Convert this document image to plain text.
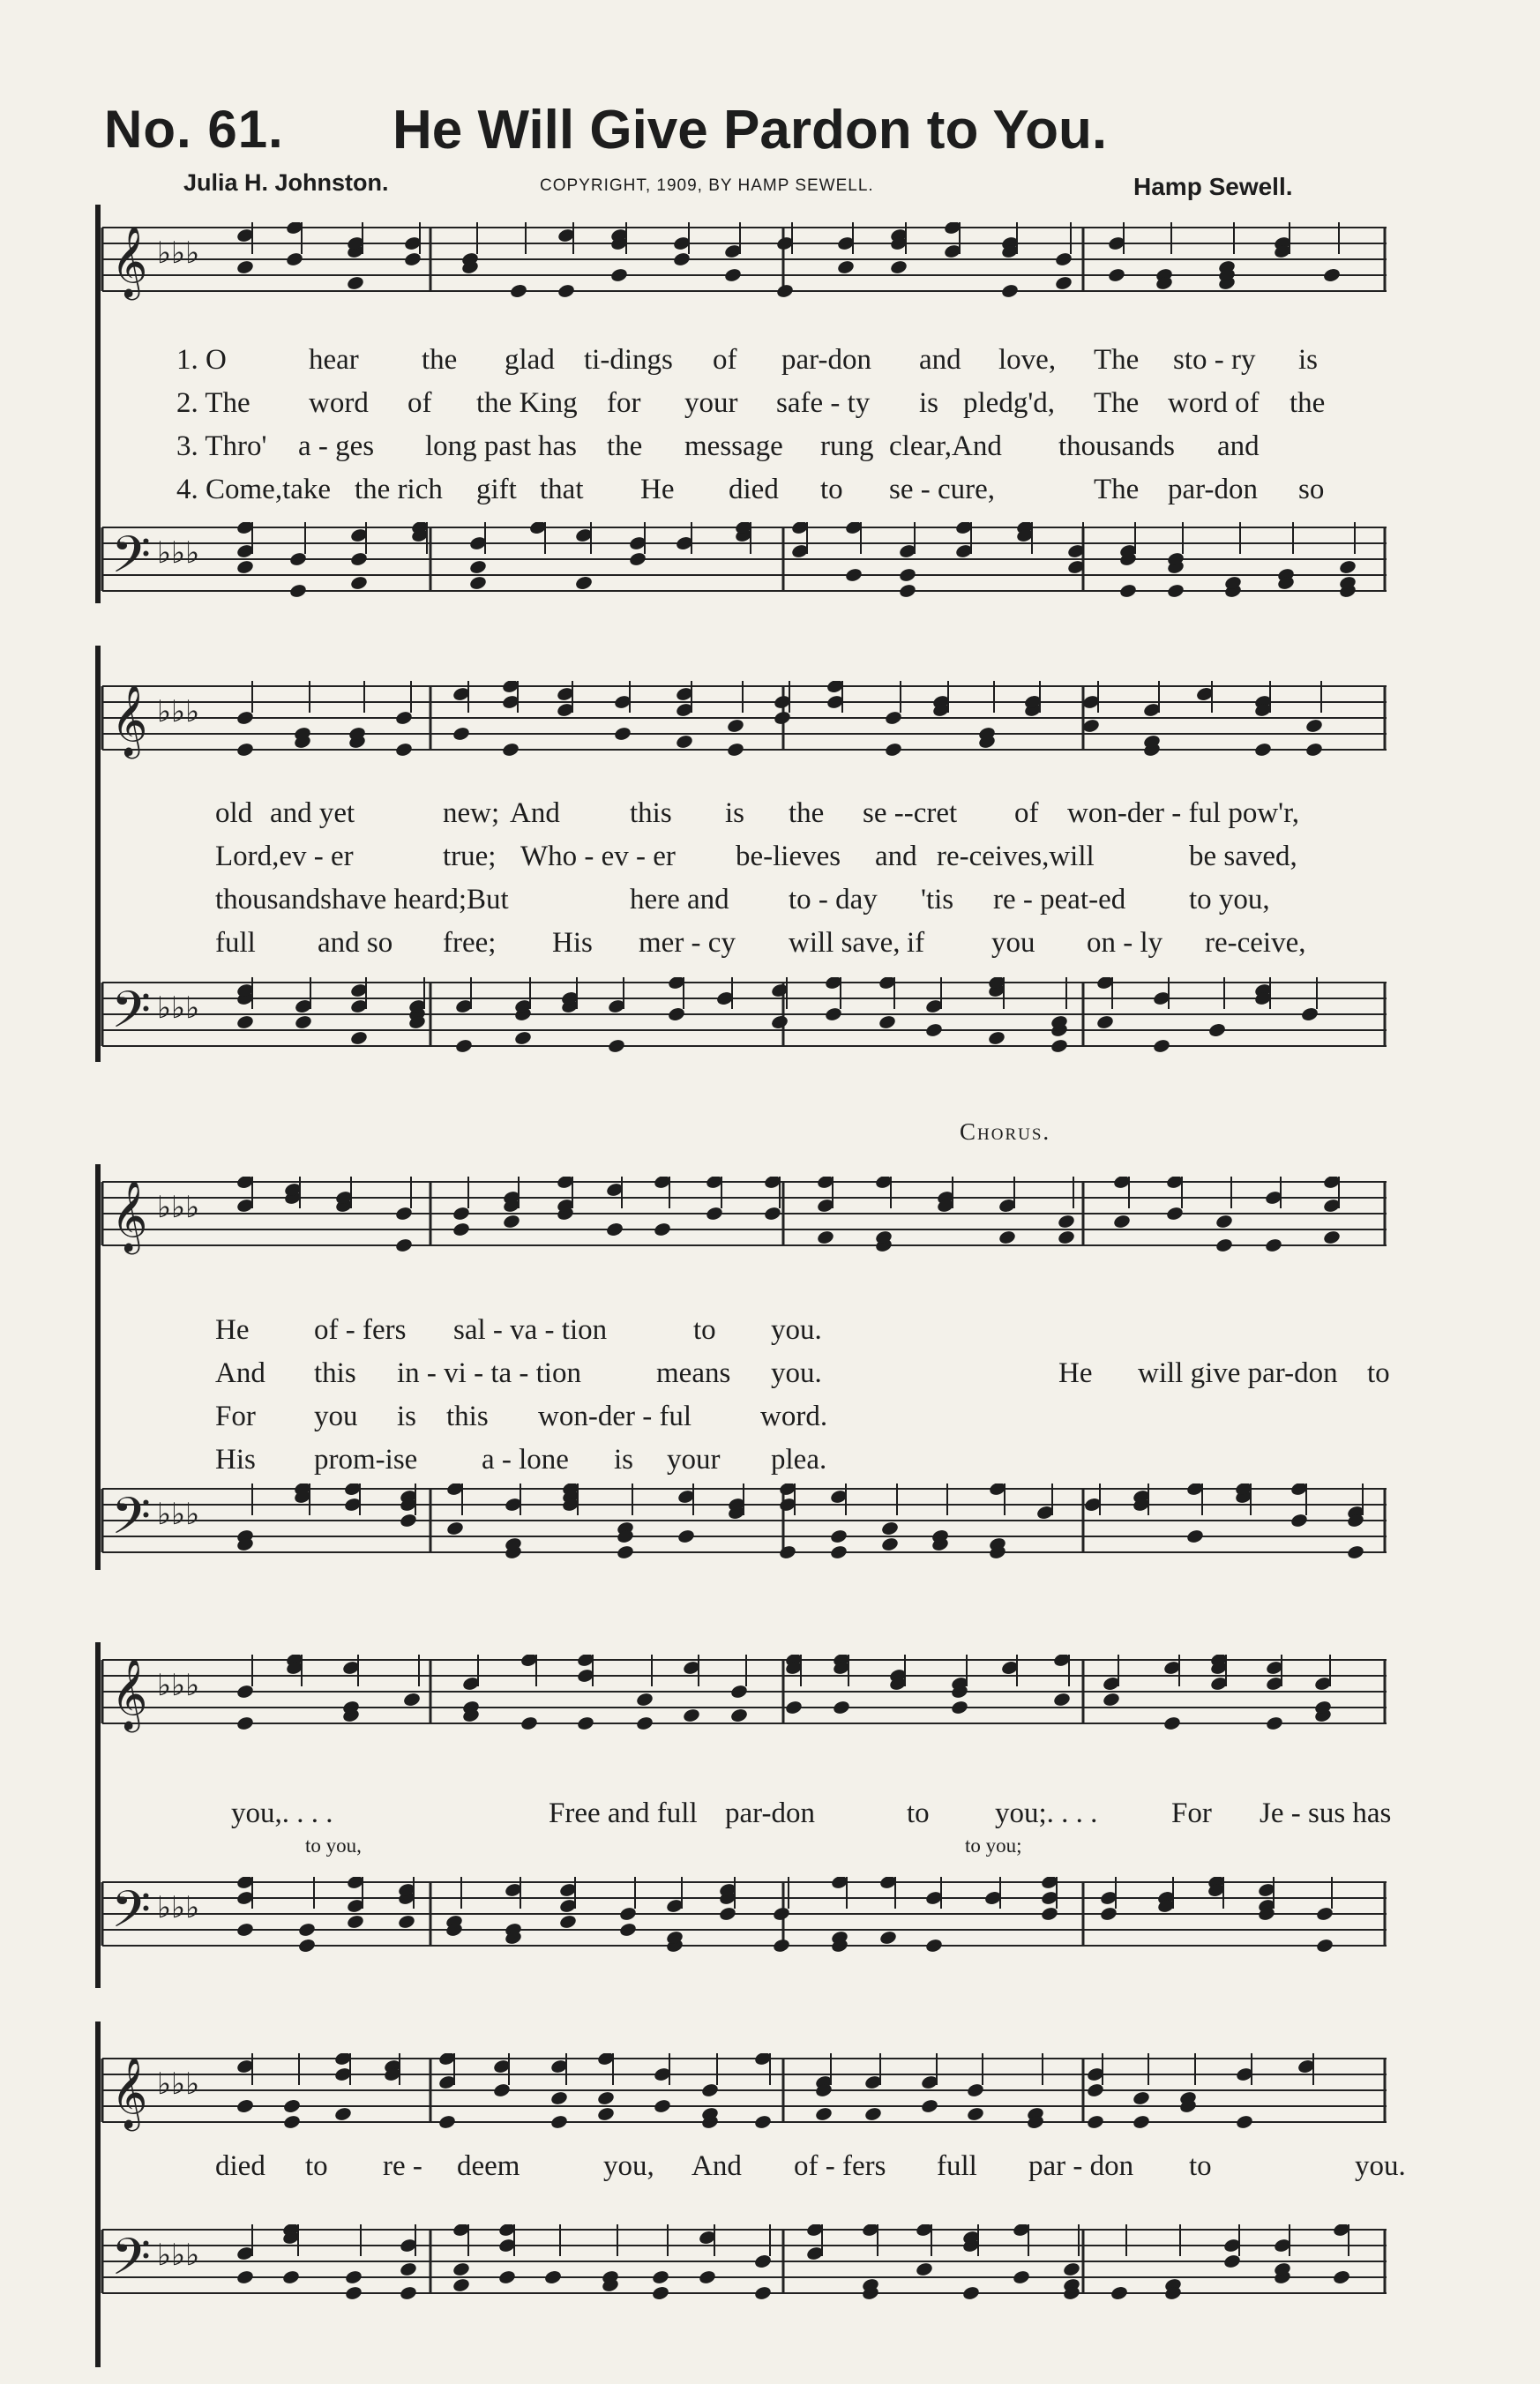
No. 61. He Will Give Pardon to You.
Julia H. Johnston.	COPYRIGHT, 1909, BY HAMP SEWELL.	Hamp Sewell.
𝄞 ♭♭♭
1. O	hear the glad ti-dings of par-don and love, The sto - ry is
2. The word of the King for your safe - ty is pledg'd, The word of the
3. Thro' a - ges long past has the message rung clear,And thousands and
4. Come,take the rich gift that He died to se - cure,	The par-don so
𝄢 ♭♭♭
𝄞 ♭♭♭
old and yet	new; And this is the se --cret of won-der - ful pow'r,
Lord,ev - er	true; Who - ev - er be-lieves and re-ceives,will	be saved,
thousands have heard;But	here and to - day 'tis re - peat-ed to you,
full and so free; His mer - cy will save, if you on - ly re-ceive,
𝄢 ♭♭♭
Chorus.
𝄞 ♭♭♭
He of - fers sal - va - tion	to you.
And this in - vi - ta - tion	means you.
For you is this won-der - ful word.
His prom-ise a - lone is your plea.
He will give par-don to
𝄢 ♭♭♭
𝄞 ♭♭♭
you,. . . .	Free and full par-don	to you;. . . .	For Je - sus has
to you,	to you;
𝄢 ♭♭♭
𝄞 ♭♭♭
died to re - deem	you, And of - fers full par - don to	you.
𝄢 ♭♭♭
